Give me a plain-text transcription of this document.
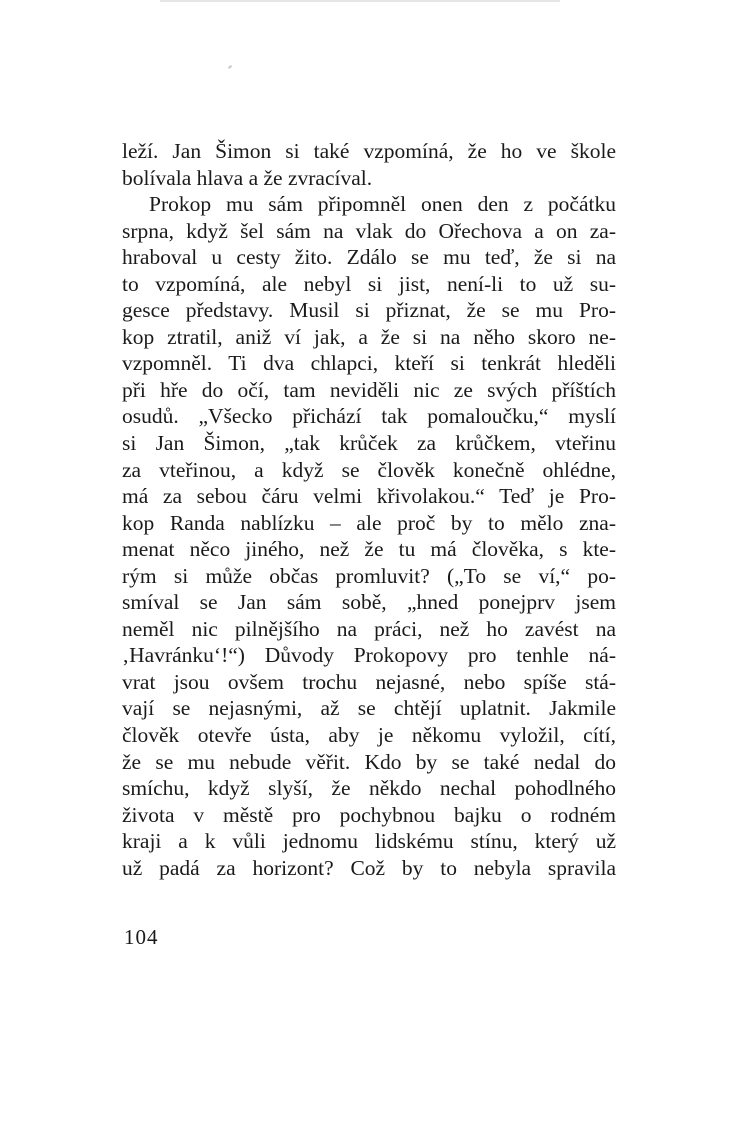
leží. Jan Šimon si také vzpomíná, že ho ve škole
bolívala hlava a že zvracíval.
Prokop mu sám připomněl onen den z počátku
srpna, když šel sám na vlak do Ořechova a on za-
hraboval u cesty žito. Zdálo se mu teď, že si na
to vzpomíná, ale nebyl si jist, není-li to už su-
gesce představy. Musil si přiznat, že se mu Pro-
kop ztratil, aniž ví jak, a že si na něho skoro ne-
vzpomněl. Ti dva chlapci, kteří si tenkrát hleděli
při hře do očí, tam neviděli nic ze svých příštích
osudů. „Všecko přichází tak pomaloučku,“ myslí
si Jan Šimon, „tak krůček za krůčkem, vteřinu
za vteřinou, a když se člověk konečně ohlédne,
má za sebou čáru velmi křivolakou.“ Teď je Pro-
kop Randa nablízku – ale proč by to mělo zna-
menat něco jiného, než že tu má člověka, s kte-
rým si může občas promluvit? („To se ví,“ po-
smíval se Jan sám sobě, „hned ponejprv jsem
neměl nic pilnějšího na práci, než ho zavést na
‚Havránku‘!“) Důvody Prokopovy pro tenhle ná-
vrat jsou ovšem trochu nejasné, nebo spíše stá-
vají se nejasnými, až se chtějí uplatnit. Jakmile
člověk otevře ústa, aby je někomu vyložil, cítí,
že se mu nebude věřit. Kdo by se také nedal do
smíchu, když slyší, že někdo nechal pohodlného
života v městě pro pochybnou bajku o rodném
kraji a k vůli jednomu lidskému stínu, který už
už padá za horizont? Což by to nebyla spravila
104
